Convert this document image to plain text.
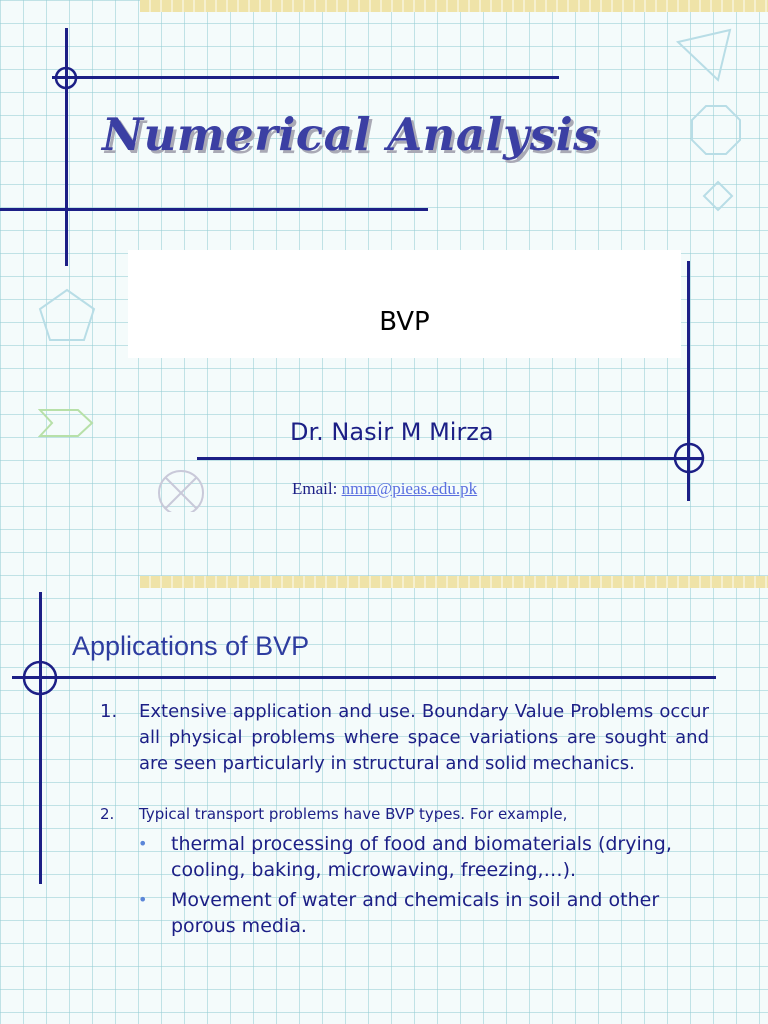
Numerical Analysis

BVP

Dr. Nasir M Mirza

Email: nmm@pieas.edu.pk

Applications of BVP
1. Extensive application and use. Boundary Value Problems occur all physical problems where space variations are sought and are seen particularly in structural and solid mechanics.
2. Typical transport problems have BVP types. For example,
• thermal processing of food and biomaterials (drying, cooling, baking, microwaving, freezing,…).
• Movement of water and chemicals in soil and other porous media.
